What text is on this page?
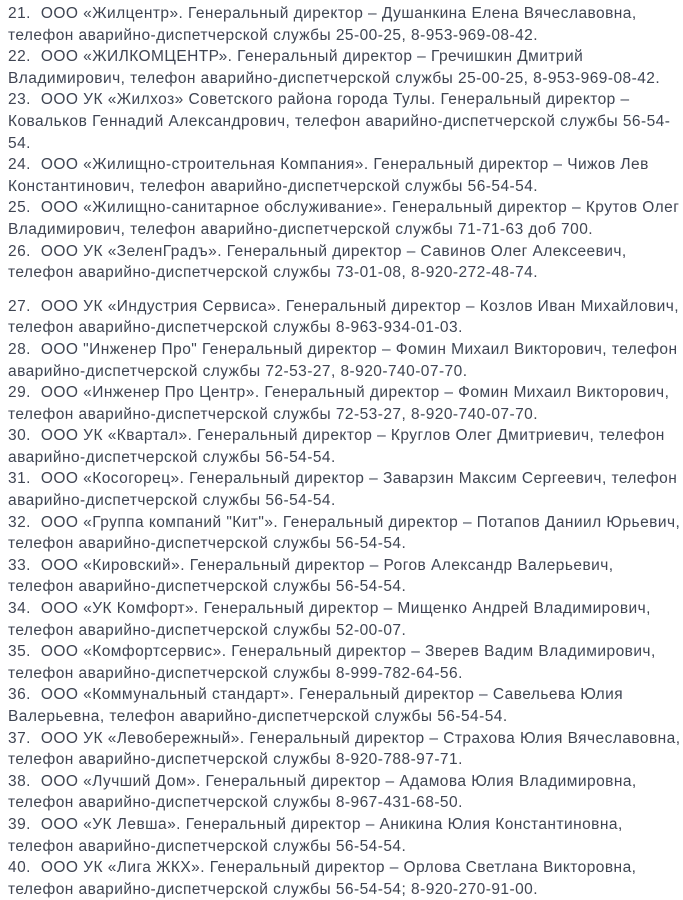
21. ООО «Жилцентр». Генеральный директор – Душанкина Елена Вячеславовна, телефон аварийно-диспетчерской службы 25-00-25, 8-953-969-08-42.

22. ООО «ЖИЛКОМЦЕНТР». Генеральный директор – Гречишкин Дмитрий Владимирович, телефон аварийно-диспетчерской службы 25-00-25, 8-953-969-08-42.

23. ООО УК «Жилхоз» Советского района города Тулы. Генеральный директор – Ковальков Геннадий Александрович, телефон аварийно-диспетчерской службы 56-54-54.

24. ООО «Жилищно-строительная Компания». Генеральный директор – Чижов Лев Константинович, телефон аварийно-диспетчерской службы 56-54-54.

25. ООО «Жилищно-санитарное обслуживание». Генеральный директор – Крутов Олег Владимирович, телефон аварийно-диспетчерской службы 71-71-63 доб 700.

26. ООО УК «ЗеленГрадъ». Генеральный директор – Савинов Олег Алексеевич, телефон аварийно-диспетчерской службы 73-01-08, 8-920-272-48-74.

27. ООО УК «Индустрия Сервиса». Генеральный директор – Козлов Иван Михайлович, телефон аварийно-диспетчерской службы 8-963-934-01-03.

28. ООО "Инженер Про" Генеральный директор – Фомин Михаил Викторович, телефон аварийно-диспетчерской службы 72-53-27, 8-920-740-07-70.

29. ООО «Инженер Про Центр». Генеральный директор – Фомин Михаил Викторович, телефон аварийно-диспетчерской службы 72-53-27, 8-920-740-07-70.

30. ООО УК «Квартал». Генеральный директор – Круглов Олег Дмитриевич, телефон аварийно-диспетчерской службы 56-54-54.

31. ООО «Косогорец». Генеральный директор – Заварзин Максим Сергеевич, телефон аварийно-диспетчерской службы 56-54-54.

32. ООО «Группа компаний "Кит"». Генеральный директор – Потапов Даниил Юрьевич, телефон аварийно-диспетчерской службы 56-54-54.

33. ООО «Кировский». Генеральный директор – Рогов Александр Валерьевич, телефон аварийно-диспетчерской службы 56-54-54.

34. ООО «УК Комфорт». Генеральный директор – Мищенко Андрей Владимирович, телефон аварийно-диспетчерской службы 52-00-07.

35. ООО «Комфортсервис». Генеральный директор – Зверев Вадим Владимирович, телефон аварийно-диспетчерской службы 8-999-782-64-56.

36. ООО «Коммунальный стандарт». Генеральный директор – Савельева Юлия Валерьевна, телефон аварийно-диспетчерской службы 56-54-54.

37. ООО УК «Левобережный». Генеральный директор – Страхова Юлия Вячеславовна, телефон аварийно-диспетчерской службы 8-920-788-97-71.

38. ООО «Лучший Дом». Генеральный директор – Адамова Юлия Владимировна, телефон аварийно-диспетчерской службы 8-967-431-68-50.

39. ООО «УК Левша». Генеральный директор – Аникина Юлия Константиновна, телефон аварийно-диспетчерской службы 56-54-54.

40. ООО УК «Лига ЖКХ». Генеральный директор – Орлова Светлана Викторовна, телефон аварийно-диспетчерской службы 56-54-54; 8-920-270-91-00.
